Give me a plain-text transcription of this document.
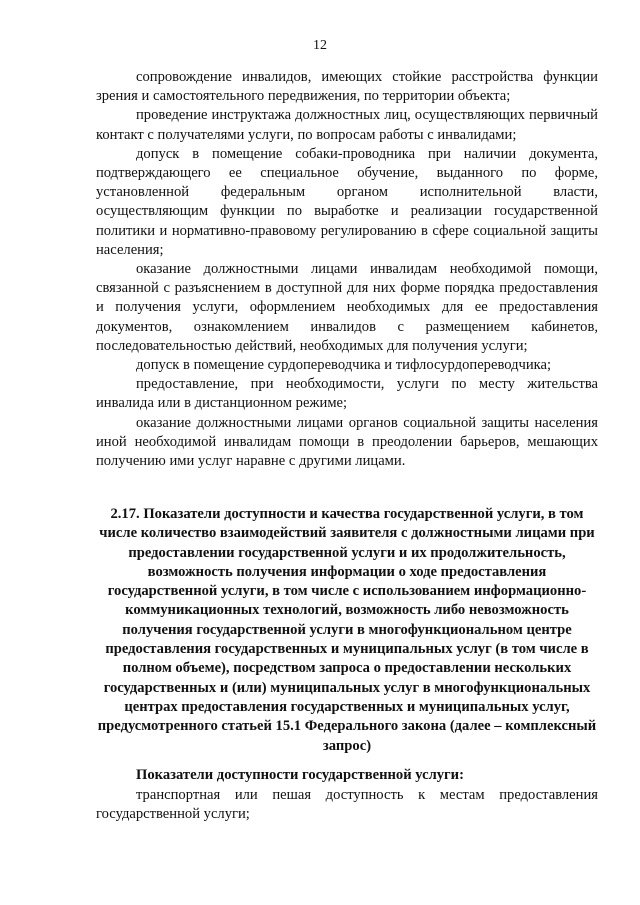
12

сопровождение инвалидов, имеющих стойкие расстройства функции зрения и самостоятельного передвижения, по территории объекта;

проведение инструктажа должностных лиц, осуществляющих первичный контакт с получателями услуги, по вопросам работы с инвалидами;

допуск в помещение собаки-проводника при наличии документа, подтверждающего ее специальное обучение, выданного по форме, установленной федеральным органом исполнительной власти, осуществляющим функции по выработке и реализации государственной политики и нормативно-правовому регулированию в сфере социальной защиты населения;

оказание должностными лицами инвалидам необходимой помощи, связанной с разъяснением в доступной для них форме порядка предоставления и получения услуги, оформлением необходимых для ее предоставления документов, ознакомлением инвалидов с размещением кабинетов, последовательностью действий, необходимых для получения услуги;

допуск в помещение сурдопереводчика и тифлосурдопереводчика;

предоставление, при необходимости, услуги по месту жительства инвалида или в дистанционном режиме;

оказание должностными лицами органов социальной защиты населения иной необходимой инвалидам помощи в преодолении барьеров, мешающих получению ими услуг наравне с другими лицами.

2.17. Показатели доступности и качества государственной услуги, в том числе количество взаимодействий заявителя с должностными лицами при предоставлении государственной услуги и их продолжительность, возможность получения информации о ходе предоставления государственной услуги, в том числе с использованием информационно-коммуникационных технологий, возможность либо невозможность получения государственной услуги в многофункциональном центре предоставления государственных и муниципальных услуг (в том числе в полном объеме), посредством запроса о предоставлении нескольких государственных и (или) муниципальных услуг в многофункциональных центрах предоставления государственных и муниципальных услуг, предусмотренного статьей 15.1 Федерального закона (далее – комплексный запрос)

Показатели доступности государственной услуги:

транспортная или пешая доступность к местам предоставления государственной услуги;
